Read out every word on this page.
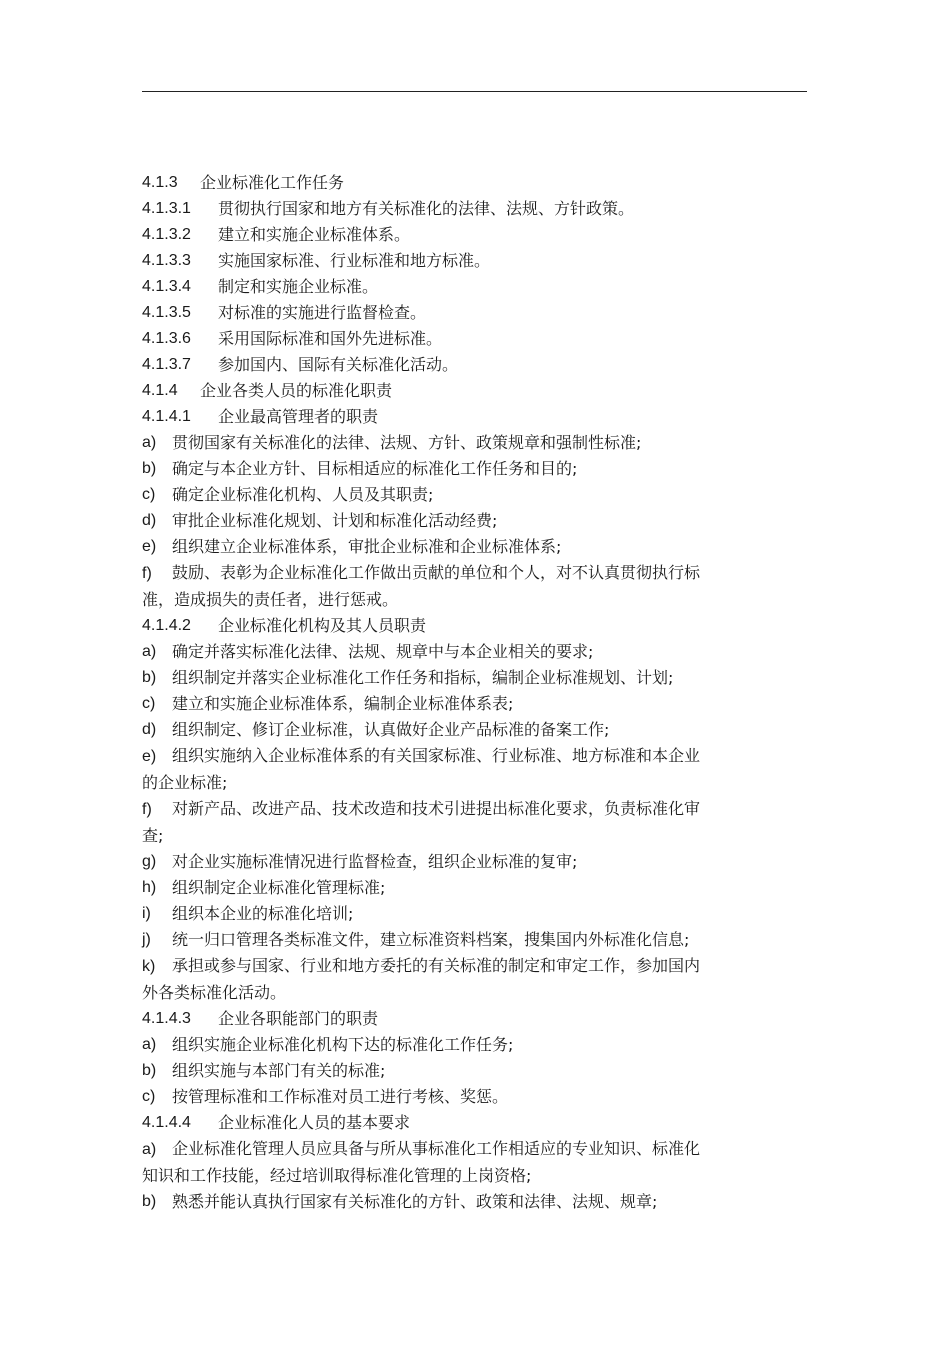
4.1.3	企业标准化工作任务
4.1.3.1	贯彻执行国家和地方有关标准化的法律、法规、方针政策。
4.1.3.2	建立和实施企业标准体系。
4.1.3.3	实施国家标准、行业标准和地方标准。
4.1.3.4	制定和实施企业标准。
4.1.3.5	对标准的实施进行监督检查。
4.1.3.6	采用国际标准和国外先进标准。
4.1.3.7	参加国内、国际有关标准化活动。
4.1.4	企业各类人员的标准化职责
4.1.4.1	企业最高管理者的职责
a) 贯彻国家有关标准化的法律、法规、方针、政策规章和强制性标准;
b) 确定与本企业方针、目标相适应的标准化工作任务和目的;
c)	确定企业标准化机构、人员及其职责;
d) 审批企业标准化规划、计划和标准化活动经费;
e) 组织建立企业标准体系，审批企业标准和企业标准体系;
f) 鼓励、表彰为企业标准化工作做出贡献的单位和个人，对不认真贯彻执行标
准，造成损失的责任者，进行惩戒。
4.1.4.2	企业标准化机构及其人员职责
a) 确定并落实标准化法律、法规、规章中与本企业相关的要求;
b) 组织制定并落实企业标准化工作任务和指标，编制企业标准规划、计划;
c)	建立和实施企业标准体系，编制企业标准体系表;
d) 组织制定、修订企业标准，认真做好企业产品标准的备案工作;
e) 组织实施纳入企业标准体系的有关国家标准、行业标准、地方标准和本企业
的企业标准;
f) 对新产品、改进产品、技术改造和技术引进提出标准化要求，负责标准化审
查;
g) 对企业实施标准情况进行监督检查，组织企业标准的复审;
h) 组织制定企业标准化管理标准;
i)	组织本企业的标准化培训;
j)	统一归口管理各类标准文件，建立标准资料档案，搜集国内外标准化信息;
k) 承担或参与国家、行业和地方委托的有关标准的制定和审定工作，参加国内
外各类标准化活动。
4.1.4.3	企业各职能部门的职责
a) 组织实施企业标准化机构下达的标准化工作任务;
b) 组织实施与本部门有关的标准;
c)	按管理标准和工作标准对员工进行考核、奖惩。
4.1.4.4	企业标准化人员的基本要求
a) 企业标准化管理人员应具备与所从事标准化工作相适应的专业知识、标准化
知识和工作技能，经过培训取得标准化管理的上岗资格;
b) 熟悉并能认真执行国家有关标准化的方针、政策和法律、法规、规章;
